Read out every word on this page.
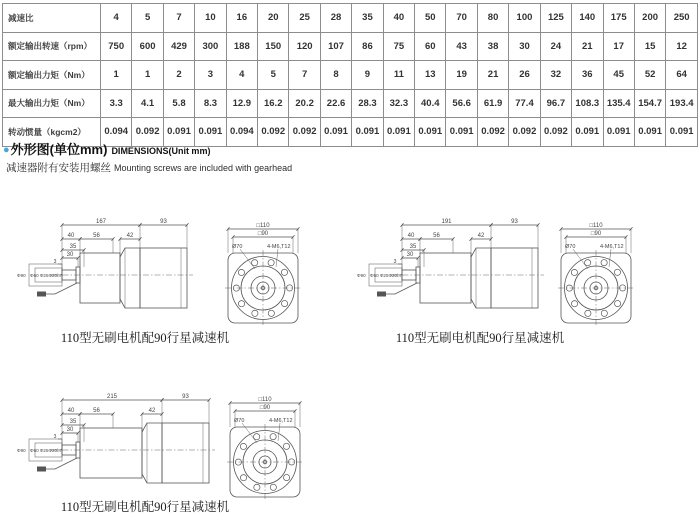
减速比	4	5	7	10	16	20	25	28	35	40	50	70	80	100	125	140	175	200	250
额定输出转速（rpm）	750	600	429	300	188	150	120	107	86	75	60	43	38	30	24	21	17	15	12
额定输出力矩（Nm）	1	1	2	3	4	5	7	8	9	11	13	19	21	26	32	36	45	52	64
最大输出力矩（Nm）	3.3	4.1	5.8	8.3	12.9	16.2	20.2	22.6	28.3	32.3	40.4	56.6	61.9	77.4	96.7	108.3	135.4	154.7	193.4
转动惯量（kgcm2）	0.094	0.092	0.091	0.091	0.094	0.092	0.092	0.091	0.091	0.091	0.091	0.091	0.092	0.092	0.092	0.091	0.091	0.091	0.091
●外形图(单位mm) DIMENSIONS(Unit mm)
减速器附有安装用螺丝 Mounting screws are included with gearhead
Φ90 Φ60 Φ25Φ20h7
167	93
40	56	42
35
30
3
□110
□90
Ø70	4-M6,T12
110型无刷电机配90行星减速机
Φ90 Φ60 Φ25Φ20h7
191	93
40	56	42
35
30
3
□110
□90
Ø70	4-M6,T12
110型无刷电机配90行星减速机
Φ90 Φ60 Φ25Φ20h7
215	93
40	56	42
35
30
3
□110
□90
Ø70	4-M6,T12
110型无刷电机配90行星减速机
